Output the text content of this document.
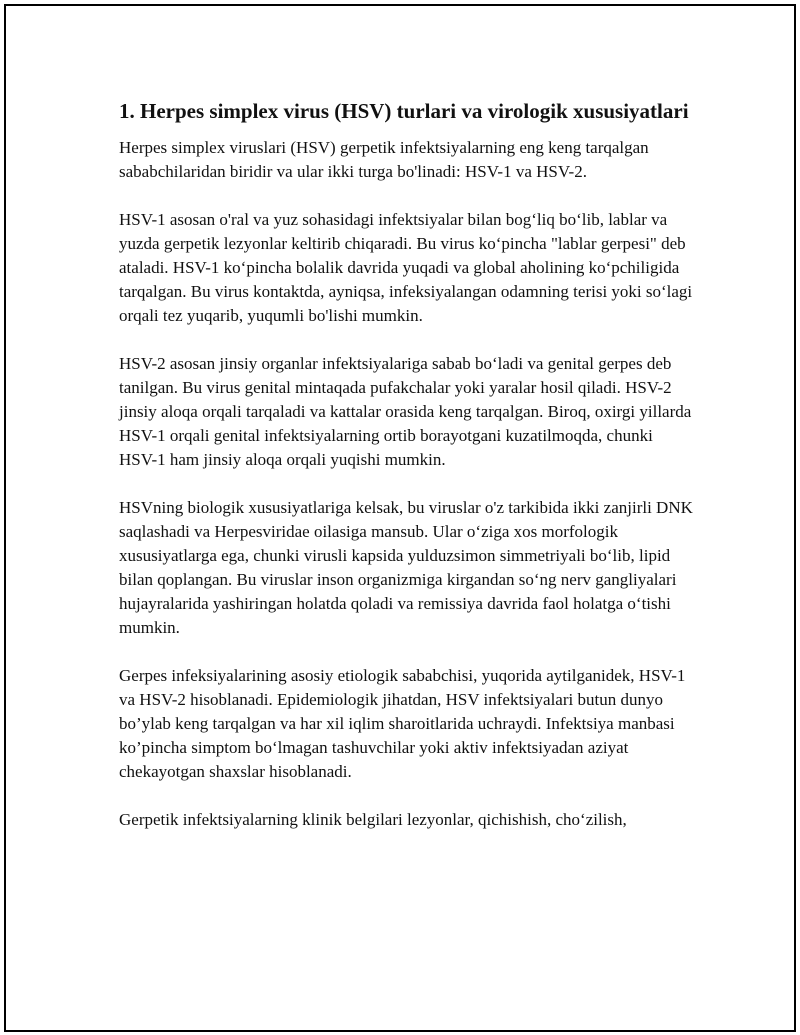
1. Herpes simplex virus (HSV) turlari va virologik xususiyatlari

Herpes simplex viruslari (HSV) gerpetik infektsiyalarning eng keng tarqalgan sababchilaridan biridir va ular ikki turga bo'linadi: HSV-1 va HSV-2.

HSV-1 asosan o'ral va yuz sohasidagi infektsiyalar bilan bog‘liq bo‘lib, lablar va yuzda gerpetik lezyonlar keltirib chiqaradi. Bu virus ko‘pincha "lablar gerpesi" deb ataladi. HSV-1 ko‘pincha bolalik davrida yuqadi va global aholining ko‘pchiligida tarqalgan. Bu virus kontaktda, ayniqsa, infeksiyalangan odamning terisi yoki so‘lagi orqali tez yuqarib, yuqumli bo'lishi mumkin.

HSV-2 asosan jinsiy organlar infektsiyalariga sabab bo‘ladi va genital gerpes deb tanilgan. Bu virus genital mintaqada pufakchalar yoki yaralar hosil qiladi. HSV-2 jinsiy aloqa orqali tarqaladi va kattalar orasida keng tarqalgan. Biroq, oxirgi yillarda HSV-1 orqali genital infektsiyalarning ortib borayotgani kuzatilmoqda, chunki HSV-1 ham jinsiy aloqa orqali yuqishi mumkin.

HSVning biologik xususiyatlariga kelsak, bu viruslar o'z tarkibida ikki zanjirli DNK saqlashadi va Herpesviridae oilasiga mansub. Ular o‘ziga xos morfologik xususiyatlarga ega, chunki virusli kapsida yulduzsimon simmetriyali bo‘lib, lipid bilan qoplangan. Bu viruslar inson organizmiga kirgandan so‘ng nerv gangliyalari hujayralarida yashiringan holatda qoladi va remissiya davrida faol holatga o‘tishi mumkin.

Gerpes infeksiyalarining asosiy etiologik sababchisi, yuqorida aytilganidek, HSV-1 va HSV-2 hisoblanadi. Epidemiologik jihatdan, HSV infektsiyalari butun dunyo bo’ylab keng tarqalgan va har xil iqlim sharoitlarida uchraydi. Infektsiya manbasi ko’pincha simptom bo‘lmagan tashuvchilar yoki aktiv infektsiyadan aziyat chekayotgan shaxslar hisoblanadi.

Gerpetik infektsiyalarning klinik belgilari lezyonlar, qichishish, cho‘zilish,
